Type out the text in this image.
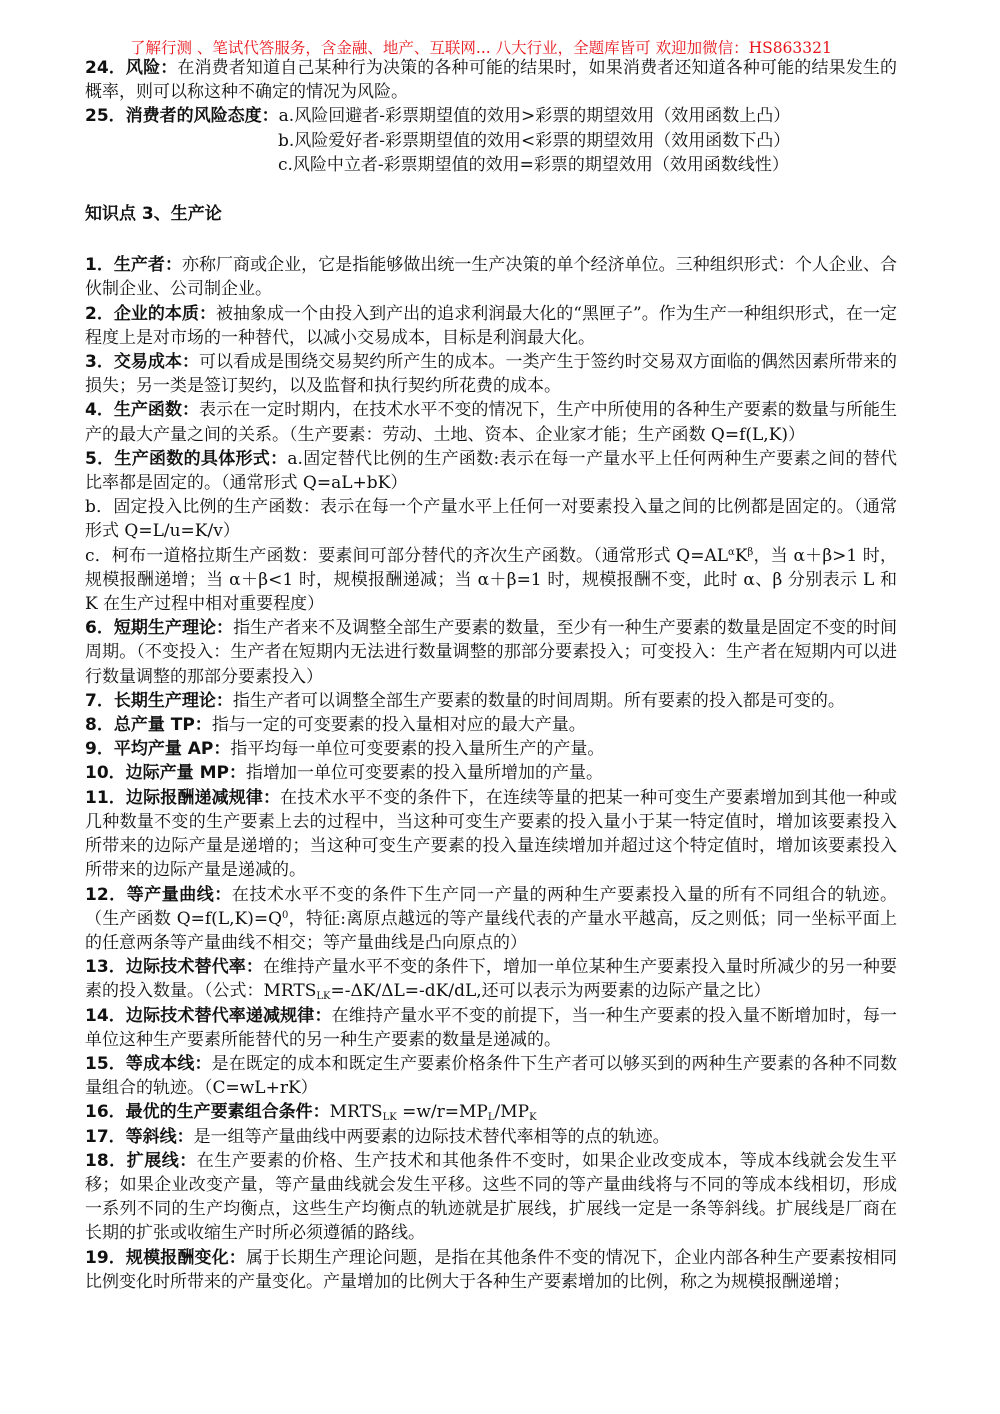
了解行测 、笔试代答服务，含金融、地产、互联网... 八大行业，全题库皆可 欢迎加微信：HS863321

24．风险：在消费者知道自己某种行为决策的各种可能的结果时，如果消费者还知道各种可能的结果发生的概率，则可以称这种不确定的情况为风险。

25．消费者的风险态度：a.风险回避者-彩票期望值的效用>彩票的期望效用（效用函数上凸）

b.风险爱好者-彩票期望值的效用<彩票的期望效用（效用函数下凸）

c.风险中立者-彩票期望值的效用=彩票的期望效用（效用函数线性）

知识点 3、生产论

1．生产者：亦称厂商或企业，它是指能够做出统一生产决策的单个经济单位。三种组织形式：个人企业、合伙制企业、公司制企业。

2．企业的本质：被抽象成一个由投入到产出的追求利润最大化的“黑匣子”。作为生产一种组织形式，在一定程度上是对市场的一种替代，以减小交易成本，目标是利润最大化。

3．交易成本：可以看成是围绕交易契约所产生的成本。一类产生于签约时交易双方面临的偶然因素所带来的损失；另一类是签订契约，以及监督和执行契约所花费的成本。

4．生产函数：表示在一定时期内，在技术水平不变的情况下，生产中所使用的各种生产要素的数量与所能生产的最大产量之间的关系。（生产要素：劳动、土地、资本、企业家才能；生产函数 Q=f(L,K)）

5．生产函数的具体形式：a.固定替代比例的生产函数:表示在每一产量水平上任何两种生产要素之间的替代比率都是固定的。（通常形式 Q=aL+bK）

b．固定投入比例的生产函数：表示在每一个产量水平上任何一对要素投入量之间的比例都是固定的。（通常形式 Q=L/u=K/v）

c．柯布一道格拉斯生产函数：要素间可部分替代的齐次生产函数。（通常形式 $Q=AL^\alpha K^\beta$，当 α＋β>1 时，规模报酬递增；当 α＋β<1 时，规模报酬递减；当 α＋β=1 时，规模报酬不变，此时 α、β 分别表示 L 和 K 在生产过程中相对重要程度）

6．短期生产理论：指生产者来不及调整全部生产要素的数量，至少有一种生产要素的数量是固定不变的时间周期。（不变投入：生产者在短期内无法进行数量调整的那部分要素投入；可变投入：生产者在短期内可以进行数量调整的那部分要素投入）

7．长期生产理论：指生产者可以调整全部生产要素的数量的时间周期。所有要素的投入都是可变的。

8．总产量 TP：指与一定的可变要素的投入量相对应的最大产量。

9．平均产量 AP：指平均每一单位可变要素的投入量所生产的产量。

10．边际产量 MP：指增加一单位可变要素的投入量所增加的产量。

11．边际报酬递减规律：在技术水平不变的条件下，在连续等量的把某一种可变生产要素增加到其他一种或几种数量不变的生产要素上去的过程中，当这种可变生产要素的投入量小于某一特定值时，增加该要素投入所带来的边际产量是递增的；当这种可变生产要素的投入量连续增加并超过这个特定值时，增加该要素投入所带来的边际产量是递减的。

12．等产量曲线：在技术水平不变的条件下生产同一产量的两种生产要素投入量的所有不同组合的轨迹。（生产函数 $Q=f(L,K)=Q^0$，特征:离原点越远的等产量线代表的产量水平越高，反之则低；同一坐标平面上的任意两条等产量曲线不相交；等产量曲线是凸向原点的）

13．边际技术替代率：在维持产量水平不变的条件下，增加一单位某种生产要素投入量时所减少的另一种要素的投入数量。（公式：$MRTS_{LK}=-\Delta K/\Delta L=-dK/dL$,还可以表示为两要素的边际产量之比）

14．边际技术替代率递减规律：在维持产量水平不变的前提下，当一种生产要素的投入量不断增加时，每一单位这种生产要素所能替代的另一种生产要素的数量是递减的。

15．等成本线：是在既定的成本和既定生产要素价格条件下生产者可以够买到的两种生产要素的各种不同数量组合的轨迹。（C=wL+rK）

16．最优的生产要素组合条件：$MRTS_{LK} =w/r=MP_L/MP_K$

17．等斜线：是一组等产量曲线中两要素的边际技术替代率相等的点的轨迹。

18．扩展线：在生产要素的价格、生产技术和其他条件不变时，如果企业改变成本，等成本线就会发生平移；如果企业改变产量，等产量曲线就会发生平移。这些不同的等产量曲线将与不同的等成本线相切，形成一系列不同的生产均衡点，这些生产均衡点的轨迹就是扩展线，扩展线一定是一条等斜线。扩展线是厂商在长期的扩张或收缩生产时所必须遵循的路线。

19．规模报酬变化：属于长期生产理论问题，是指在其他条件不变的情况下，企业内部各种生产要素按相同比例变化时所带来的产量变化。产量增加的比例大于各种生产要素增加的比例，称之为规模报酬递增；
